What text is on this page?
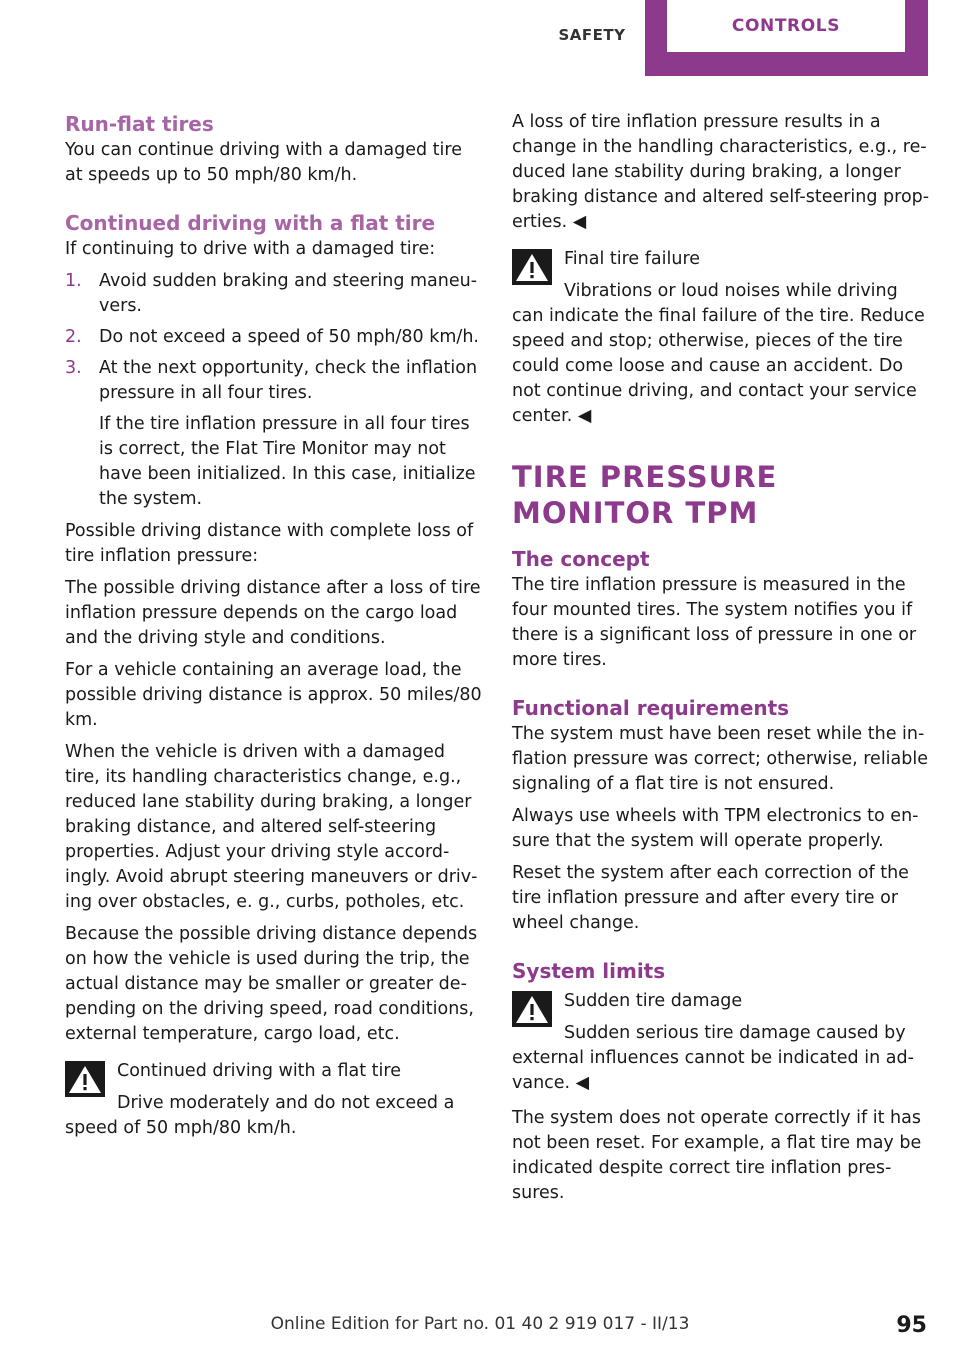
SAFETY	CONTROLS
Run-flat tires

You can continue driving with a damaged tire at speeds up to 50 mph/80 km/h.

Continued driving with a flat tire

If continuing to drive with a damaged tire:

1. Avoid sudden braking and steering maneuvers.
2. Do not exceed a speed of 50 mph/80 km/h.
3. At the next opportunity, check the inflation pressure in all four tires.
If the tire inflation pressure in all four tires is correct, the Flat Tire Monitor may not have been initialized. In this case, initialize the system.

Possible driving distance with complete loss of tire inflation pressure:

The possible driving distance after a loss of tire inflation pressure depends on the cargo load and the driving style and conditions.

For a vehicle containing an average load, the possible driving distance is approx. 50 miles/80 km.

When the vehicle is driven with a damaged tire, its handling characteristics change, e.g., reduced lane stability during braking, a longer braking distance, and altered self-steering properties. Adjust your driving style accordingly. Avoid abrupt steering maneuvers or driving over obstacles, e. g., curbs, potholes, etc.

Because the possible driving distance depends on how the vehicle is used during the trip, the actual distance may be smaller or greater depending on the driving speed, road conditions, external temperature, cargo load, etc.

Continued driving with a flat tire
Drive moderately and do not exceed a speed of 50 mph/80 km/h.

A loss of tire inflation pressure results in a change in the handling characteristics, e.g., reduced lane stability during braking, a longer braking distance and altered self-steering properties. ◀

Final tire failure
Vibrations or loud noises while driving can indicate the final failure of the tire. Reduce speed and stop; otherwise, pieces of the tire could come loose and cause an accident. Do not continue driving, and contact your service center. ◀
TIRE PRESSURE MONITOR TPM
The concept

The tire inflation pressure is measured in the four mounted tires. The system notifies you if there is a significant loss of pressure in one or more tires.

Functional requirements

The system must have been reset while the inflation pressure was correct; otherwise, reliable signaling of a flat tire is not ensured.

Always use wheels with TPM electronics to ensure that the system will operate properly.

Reset the system after each correction of the tire inflation pressure and after every tire or wheel change.

System limits
Sudden tire damage
Sudden serious tire damage caused by external influences cannot be indicated in advance. ◀

The system does not operate correctly if it has not been reset. For example, a flat tire may be indicated despite correct tire inflation pressures.

Online Edition for Part no. 01 40 2 919 017 - II/13	95
